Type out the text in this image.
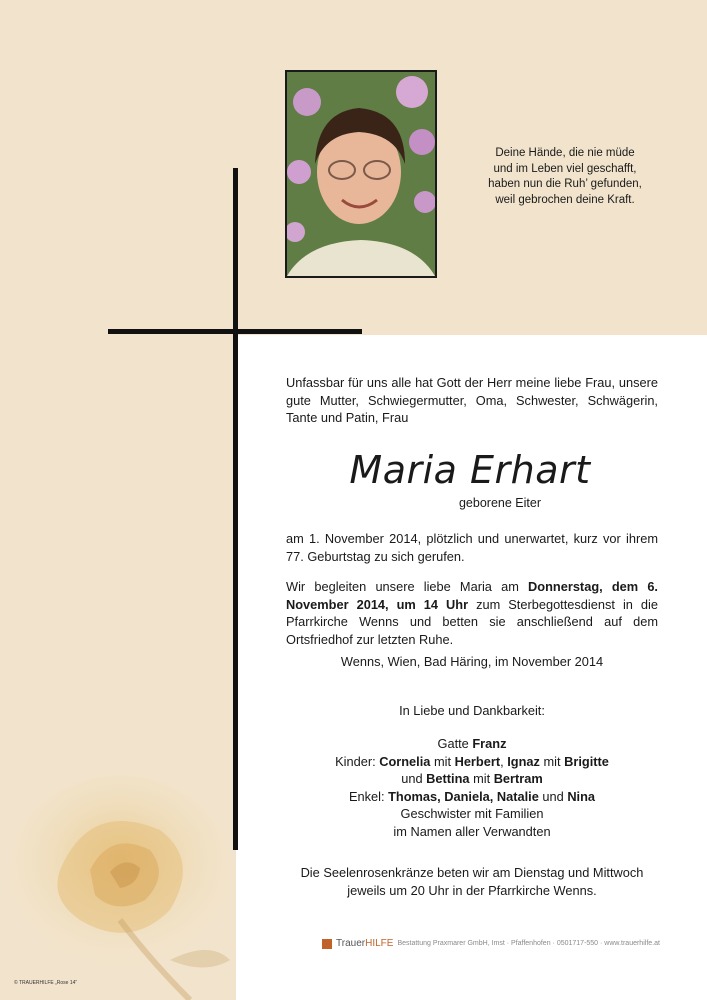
Deine Hände, die nie müde
und im Leben viel geschafft,
haben nun die Ruh’ gefunden,
weil gebrochen deine Kraft.
Unfassbar für uns alle hat Gott der Herr meine liebe Frau, unsere gute Mutter, Schwiegermutter, Oma, Schwester, Schwägerin, Tante und Patin, Frau
Maria Erhart
geborene Eiter
am 1. November 2014, plötzlich und unerwartet, kurz vor ihrem 77. Geburtstag zu sich gerufen.
Wir begleiten unsere liebe Maria am Donnerstag, dem 6. November 2014, um 14 Uhr zum Sterbegottesdienst in die Pfarrkirche Wenns und betten sie anschließend auf dem Ortsfriedhof zur letzten Ruhe.
Wenns, Wien, Bad Häring, im November 2014
In Liebe und Dankbarkeit:
Gatte Franz
Kinder: Cornelia mit Herbert, Ignaz mit Brigitte
und Bettina mit Bertram
Enkel: Thomas, Daniela, Natalie und Nina
Geschwister mit Familien
im Namen aller Verwandten
Die Seelenrosenkränze beten wir am Dienstag und Mittwoch
jeweils um 20 Uhr in der Pfarrkirche Wenns.
TrauerHILFE Bestattung Praxmarer GmbH, Imst · Pfaffenhofen · 0501717-550 · www.trauerhilfe.at
© TRAUERHILFE „Rose 14“
